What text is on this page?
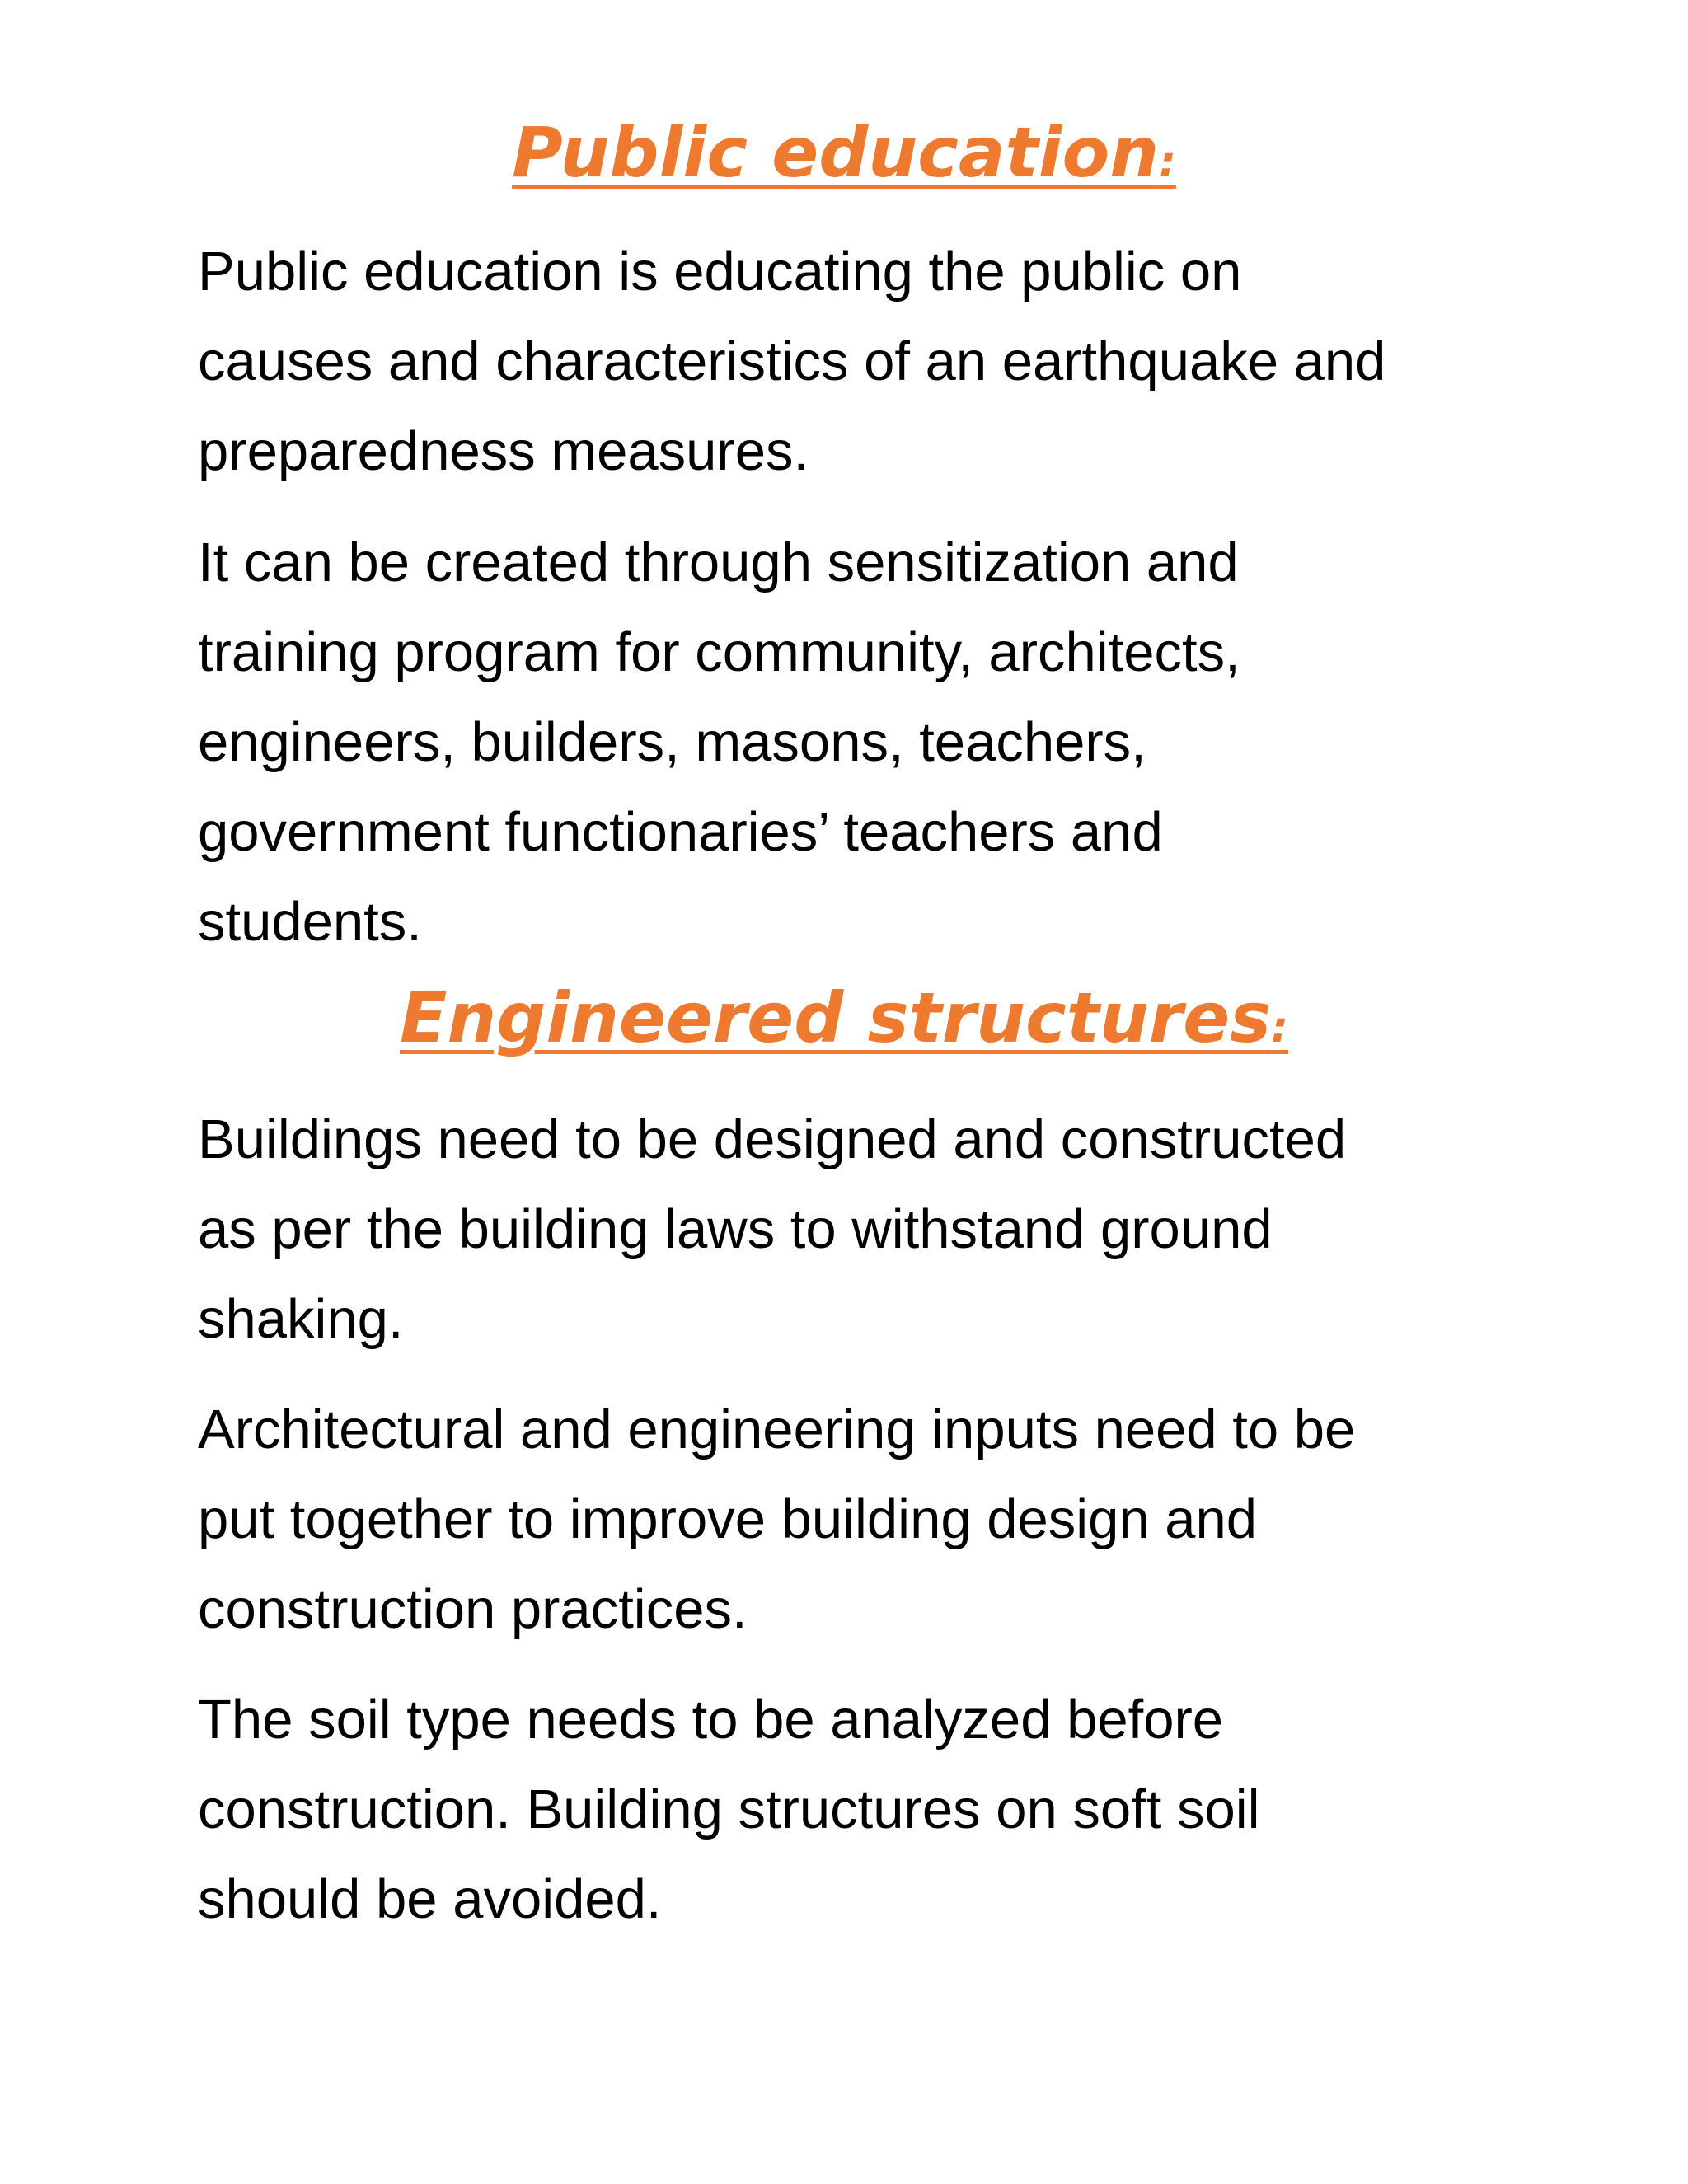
Public education:

Public education is educating the public on
causes and characteristics of an earthquake and
preparedness measures.

It can be created through sensitization and
training program for community, architects,
engineers, builders, masons, teachers,
government functionaries’ teachers and
students.

Engineered structures:

Buildings need to be designed and constructed
as per the building laws to withstand ground
shaking.

Architectural and engineering inputs need to be
put together to improve building design and
construction practices.

The soil type needs to be analyzed before
construction. Building structures on soft soil
should be avoided.
